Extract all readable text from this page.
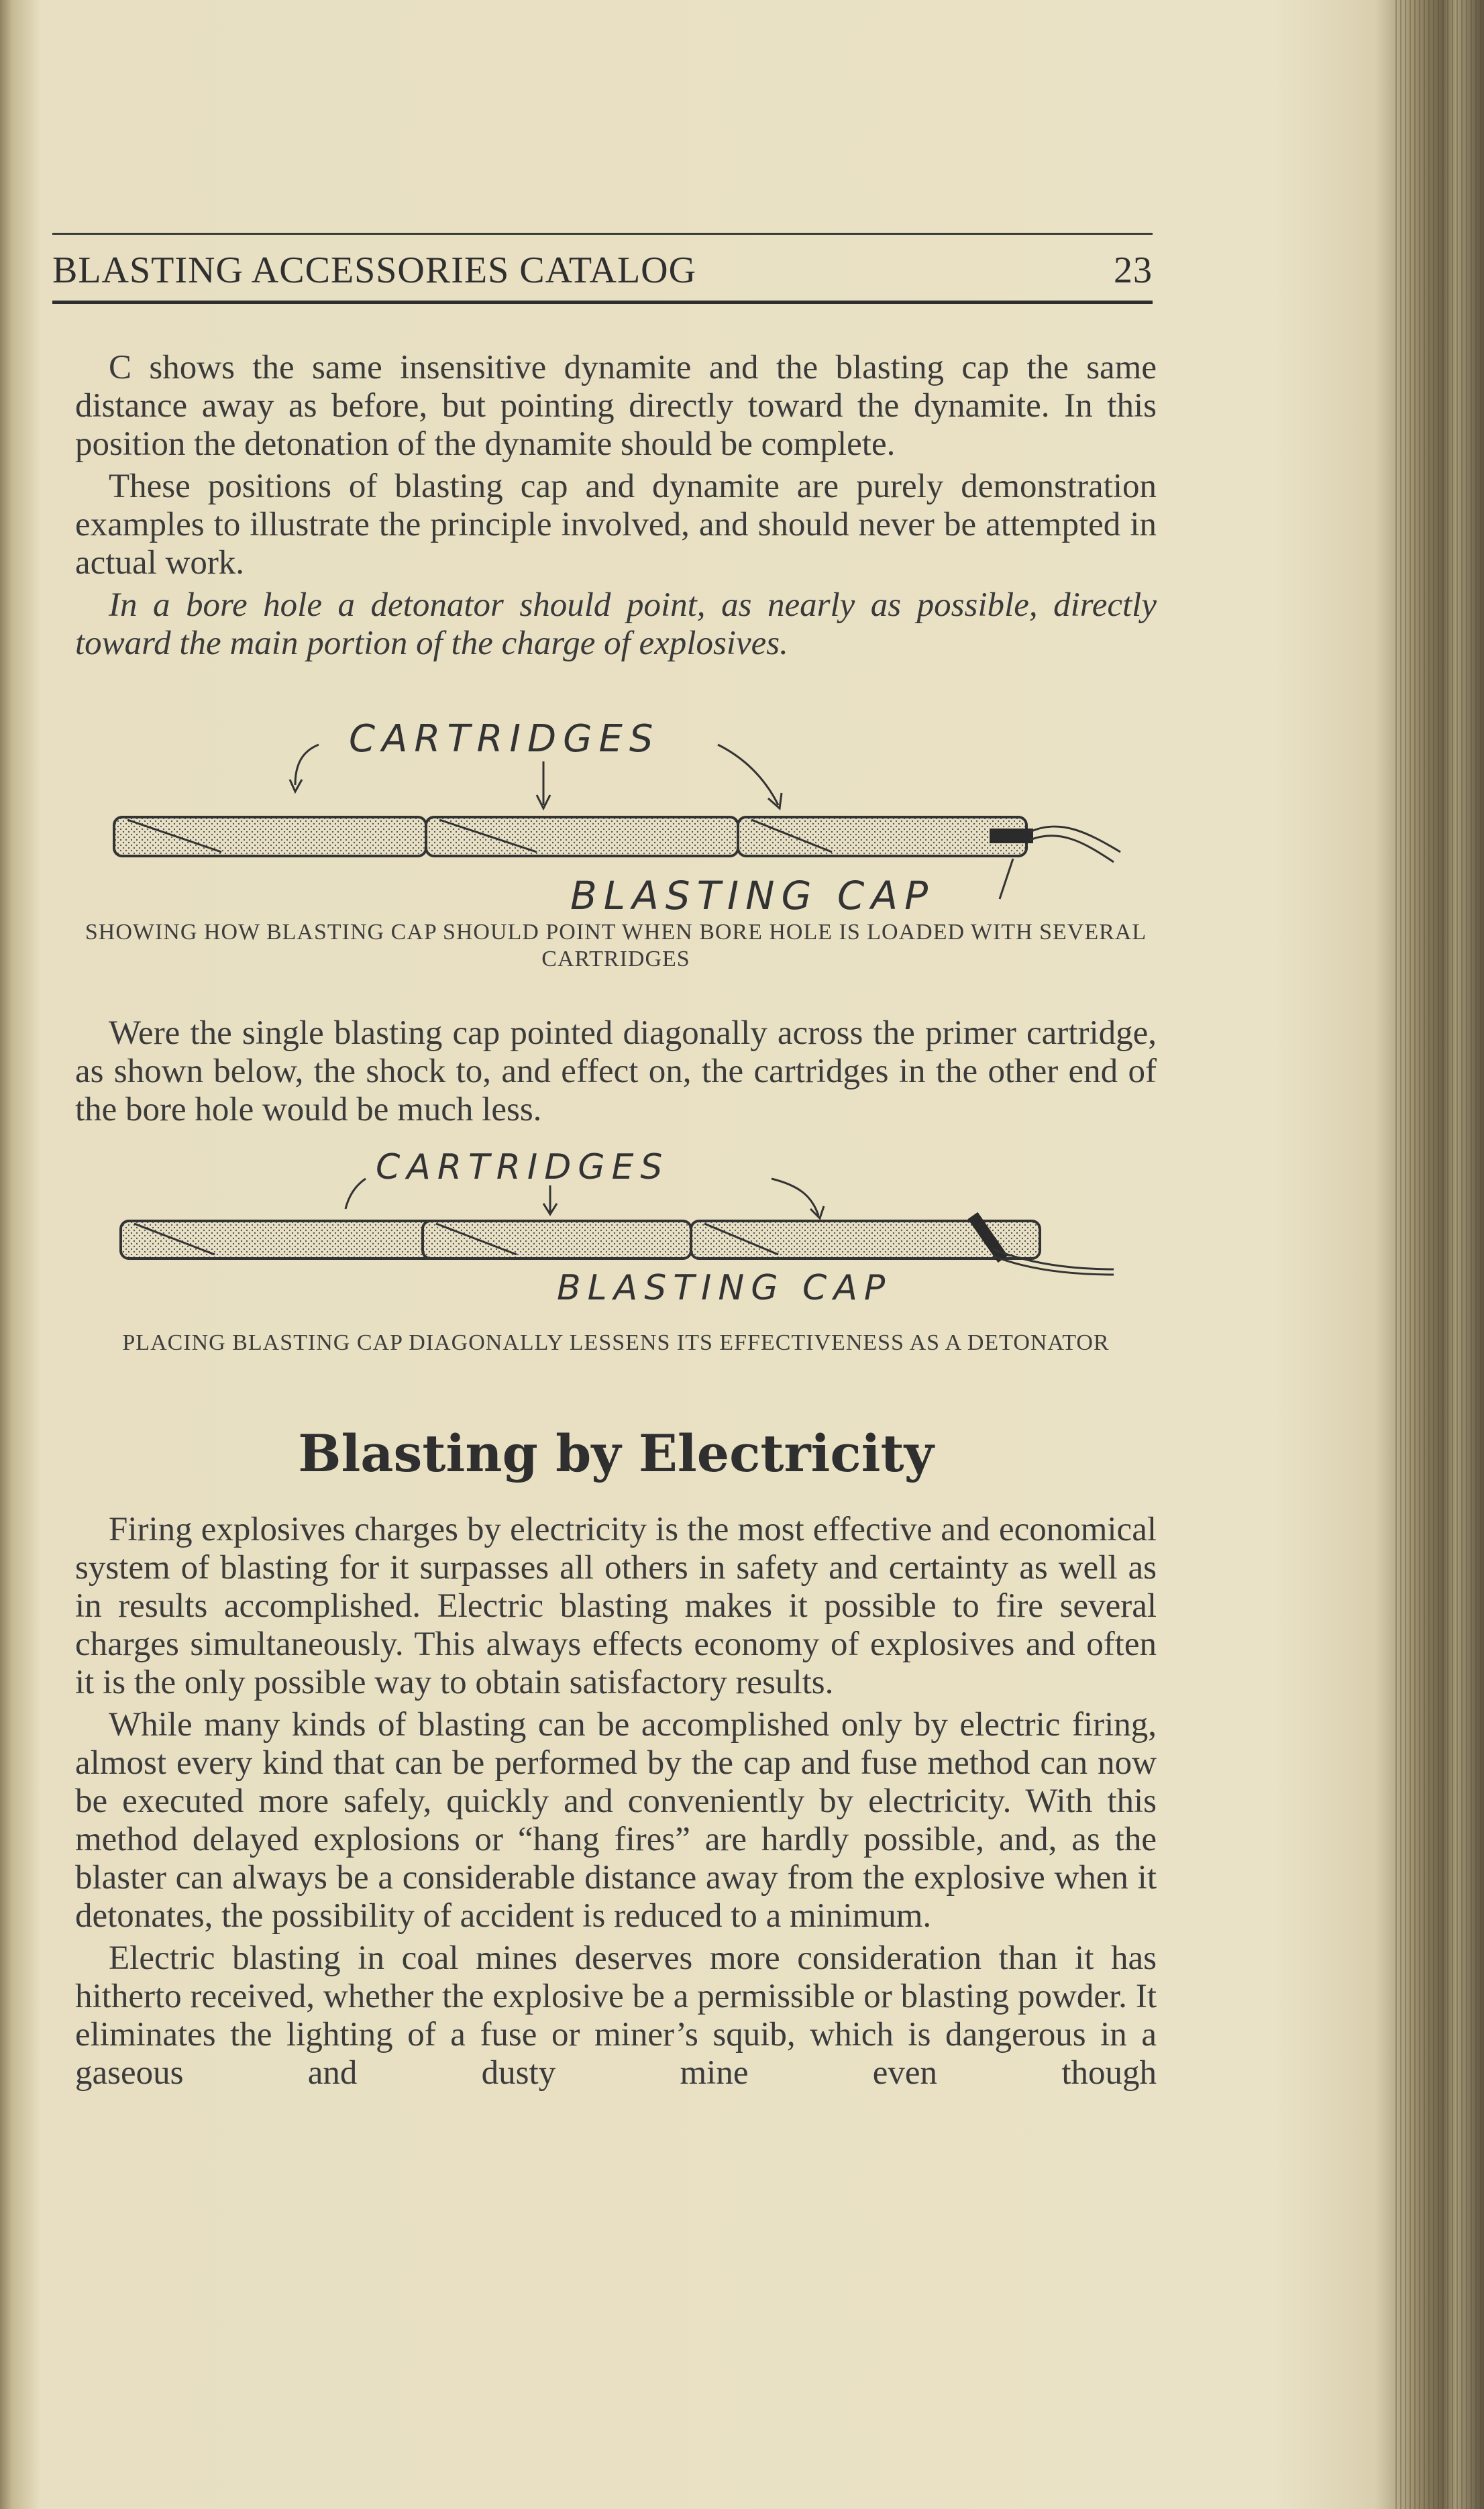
BLASTING ACCESSORIES CATALOG	23

C shows the same insensitive dynamite and the blasting cap the same distance away as before, but pointing directly toward the dynamite. In this position the detonation of the dynamite should be complete.

These positions of blasting cap and dynamite are purely demonstration examples to illustrate the principle involved, and should never be attempted in actual work.

In a bore hole a detonator should point, as nearly as possible, directly toward the main portion of the charge of explosives.

CARTRIDGES
BLASTING CAP

SHOWING HOW BLASTING CAP SHOULD POINT WHEN BORE HOLE IS LOADED WITH SEVERAL CARTRIDGES

Were the single blasting cap pointed diagonally across the primer cartridge, as shown below, the shock to, and effect on, the cartridges in the other end of the bore hole would be much less.

CARTRIDGES
BLASTING CAP

PLACING BLASTING CAP DIAGONALLY LESSENS ITS EFFECTIVENESS AS A DETONATOR

Blasting by Electricity

Firing explosives charges by electricity is the most effective and economical system of blasting for it surpasses all others in safety and certainty as well as in results accomplished. Electric blasting makes it possible to fire several charges simultaneously. This always effects economy of explosives and often it is the only possible way to obtain satisfactory results.

While many kinds of blasting can be accomplished only by electric firing, almost every kind that can be performed by the cap and fuse method can now be executed more safely, quickly and conveniently by electricity. With this method delayed explosions or “hang fires” are hardly possible, and, as the blaster can always be a considerable distance away from the explosive when it detonates, the possibility of accident is reduced to a minimum.

Electric blasting in coal mines deserves more consideration than it has hitherto received, whether the explosive be a permissible or blasting powder. It eliminates the lighting of a fuse or miner’s squib, which is dangerous in a gaseous and dusty mine even though
